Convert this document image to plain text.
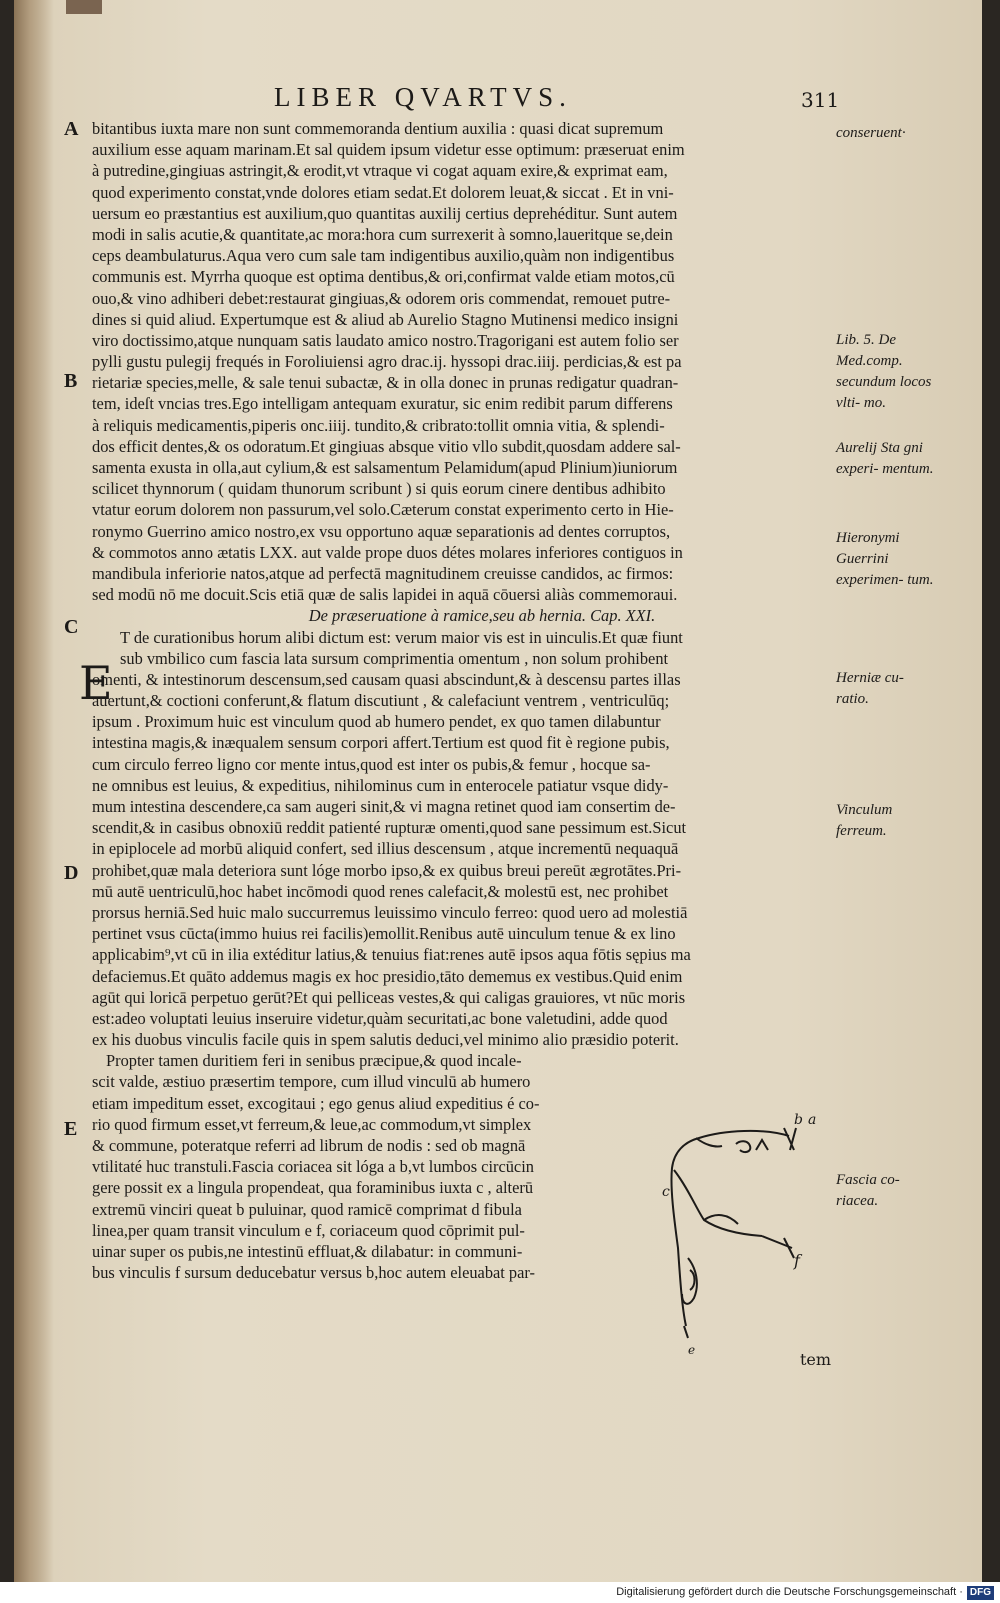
LIBER QVARTVS.	311
A
B
C
D
E
bitantibus iuxta mare non sunt commemoranda dentium auxilia : quasi dicat supremum
auxilium esse aquam marinam.Et sal quidem ipsum videtur esse optimum: præseruat enim
à putredine,gingiuas astringit,& erodit,vt vtraque vi cogat aquam exire,& exprimat eam,
quod experimento constat,vnde dolores etiam sedat.Et dolorem leuat,& siccat . Et in vni-
uersum eo præstantius est auxilium,quo quantitas auxilij certius deprehéditur. Sunt autem
modi in salis acutie,& quantitate,ac mora:hora cum surrexerit à somno,laueritque se,dein
ceps deambulaturus.Aqua vero cum sale tam indigentibus auxilio,quàm non indigentibus
communis est. Myrrha quoque est optima dentibus,& ori,confirmat valde etiam motos,cū
ouo,& vino adhiberi debet:restaurat gingiuas,& odorem oris commendat, remouet putre-
dines si quid aliud. Expertumque est & aliud ab Aurelio Stagno Mutinensi medico insigni
viro doctissimo,atque nunquam satis laudato amico nostro.Tragorigani est autem folio ser
pylli gustu pulegij frequés in Foroliuiensi agro drac.ij. hyssopi drac.iiij. perdicias,& est pa
rietariæ species,melle, & sale tenui subactæ, & in olla donec in prunas redigatur quadran-
tem, ideſt vncias tres.Ego intelligam antequam exuratur, sic enim redibit parum differens
à reliquis medicamentis,piperis onc.iiij. tundito,& cribrato:tollit omnia vitia, & splendi-
dos efficit dentes,& os odoratum.Et gingiuas absque vitio vllo subdit,quosdam addere sal-
samenta exusta in olla,aut cylium,& est salsamentum Pelamidum(apud Plinium)iuniorum
scilicet thynnorum ( quidam thunorum scribunt ) si quis eorum cinere dentibus adhibito
vtatur eorum dolorem non passurum,vel solo.Cæterum constat experimento certo in Hie-
ronymo Guerrino amico nostro,ex vsu opportuno aquæ separationis ad dentes corruptos,
& commotos anno ætatis LXX. aut valde prope duos détes molares inferiores contiguos in
mandibula inferiorie natos,atque ad perfectā magnitudinem creuisse candidos, ac firmos:
sed modū nō me docuit.Scis etiā quæ de salis lapidei in aquā cōuersi aliàs commemoraui.
De præseruatione à ramice,seu ab hernia. Cap. XXI.
T de curationibus horum alibi dictum est: verum maior vis est in uinculis.Et quæ fiunt
sub vmbilico cum fascia lata sursum comprimentia omentum , non solum prohibent
omenti, & intestinorum descensum,sed causam quasi abscindunt,& à descensu partes illas
auertunt,& coctioni conferunt,& flatum discutiunt , & calefaciunt ventrem , ventriculūq;
ipsum . Proximum huic est vinculum quod ab humero pendet, ex quo tamen dilabuntur
intestina magis,& inæqualem sensum corpori affert.Tertium est quod fit è regione pubis,
cum circulo ferreo ligno cor mente intus,quod est inter os pubis,& femur , hocque sa-
ne omnibus est leuius, & expeditius, nihilominus cum in enterocele patiatur vsque didy-
mum intestina descendere,ca sam augeri sinit,& vi magna retinet quod iam consertim de-
scendit,& in casibus obnoxiū reddit patienté rupturæ omenti,quod sane pessimum est.Sicut
in epiplocele ad morbū aliquid confert, sed illius descensum , atque incrementū nequaquā
prohibet,quæ mala deteriora sunt lóge morbo ipso,& ex quibus breui pereūt ægrotātes.Pri-
mū autē uentriculū,hoc habet incōmodi quod renes calefacit,& molestū est, nec prohibet
prorsus herniā.Sed huic malo succurremus leuissimo vinculo ferreo: quod uero ad molestiā
pertinet vsus cūcta(immo huius rei facilis)emollit.Renibus autē uinculum tenue & ex lino
applicabim⁹,vt cū in ilia extéditur latius,& tenuius fiat:renes autē ipsos aqua fōtis sępius ma
defaciemus.Et quāto addemus magis ex hoc presidio,tāto dememus ex vestibus.Quid enim
agūt qui loricā perpetuo gerūt?Et qui pelliceas vestes,& qui caligas grauiores, vt nūc moris
est:adeo voluptati leuius inseruire videtur,quàm securitati,ac bone valetudini, adde quod
ex his duobus vinculis facile quis in spem salutis deduci,vel minimo alio præsidio poterit.
Propter tamen duritiem feri in senibus præcipue,& quod incale-
scit valde, æstiuo præsertim tempore, cum illud vinculū ab humero
etiam impeditum esset, excogitaui ; ego genus aliud expeditius é co-
rio quod firmum esset,vt ferreum,& leue,ac commodum,vt simplex
& commune, poteratque referri ad librum de nodis : sed ob magnā
vtilitaté huc transtuli.Fascia coriacea sit lóga a b,vt lumbos circūcin
gere possit ex a lingula propendeat, qua foraminibus iuxta c , alterū
extremū vinciri queat b puluinar, quod ramicē comprimat d fibula
linea,per quam transit vinculum e f, coriaceum quod cōprimit pul-
uinar super os pubis,ne intestinū effluat,& dilabatur: in communi-
bus vinculis f sursum deducebatur versus b,hoc autem eleuabat par-
E
conseruent·
Lib. 5. De Med.comp. secundum locos vlti- mo.
Aurelij Sta gni experi- mentum.
Hieronymi Guerrini experimen- tum.
Herniæ cu- ratio.
Vinculum ferreum.
Fascia co- riacea.
b a
c
f
e	tem
Digitalisierung gefördert durch die Deutsche Forschungsgemeinschaft · DFG
